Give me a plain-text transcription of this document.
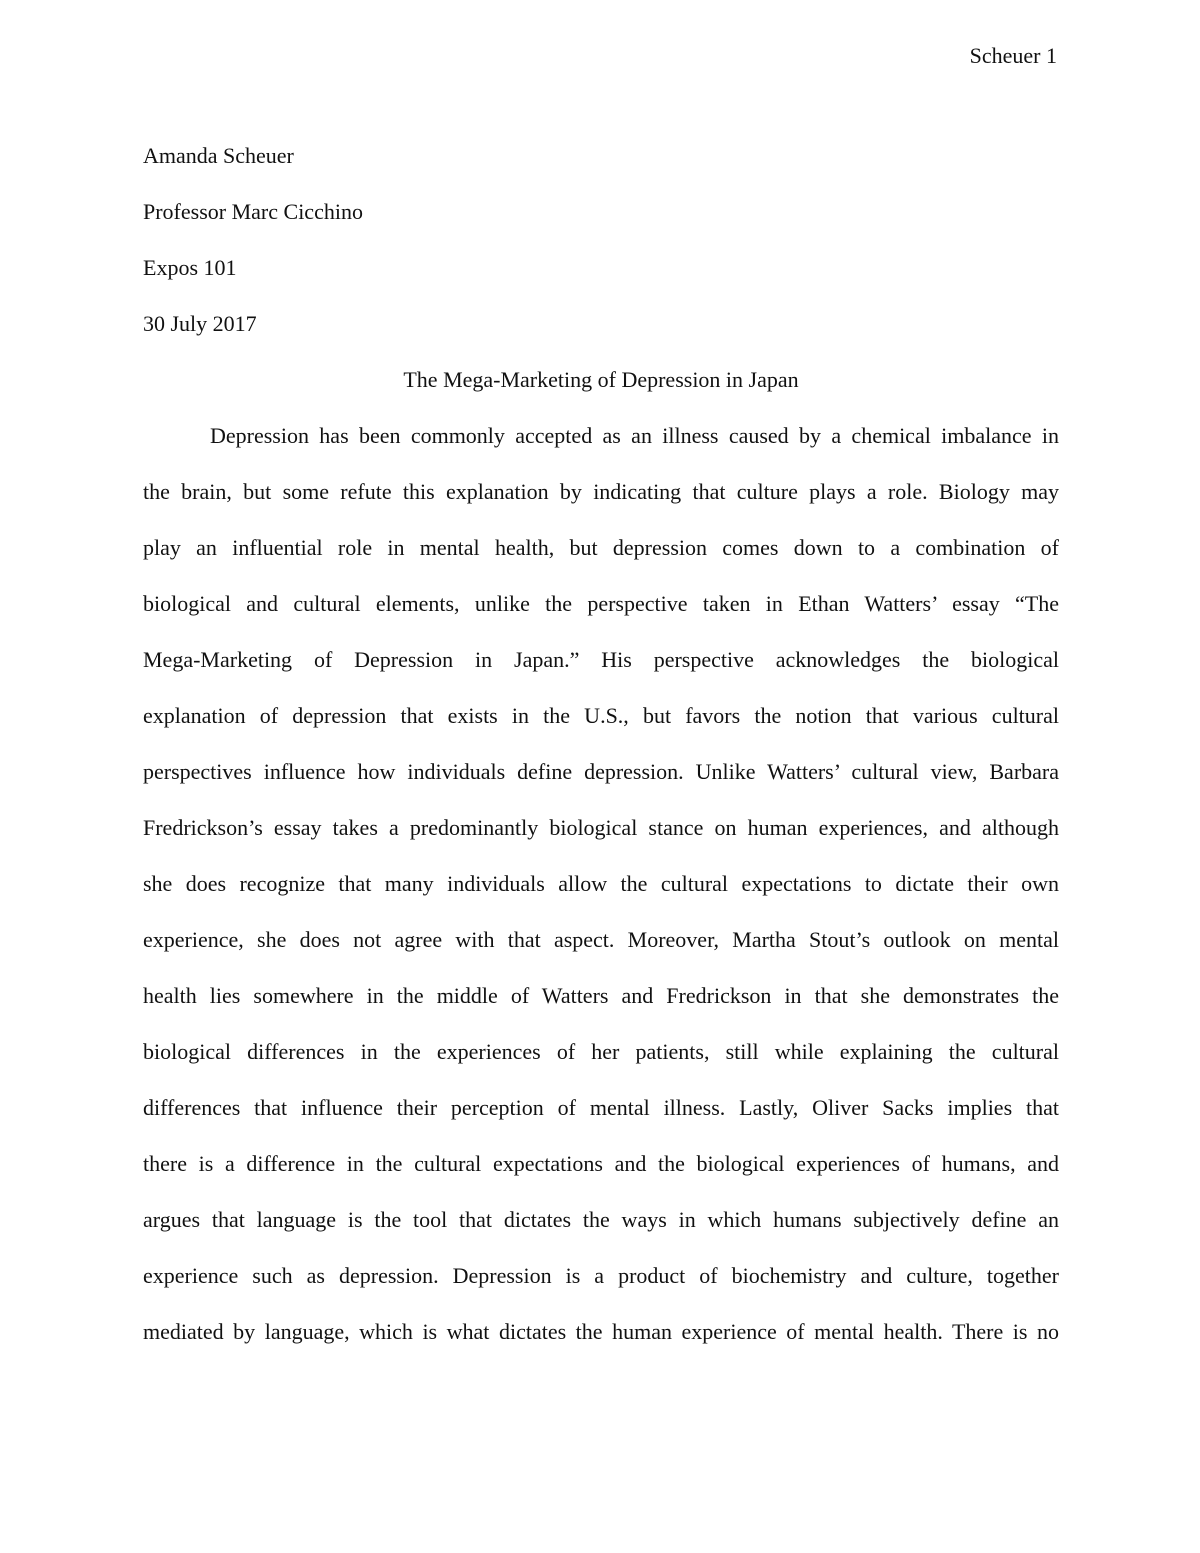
Scheuer 1
Amanda Scheuer
Professor Marc Cicchino
Expos 101
30 July 2017
The Mega-Marketing of Depression in Japan
Depression has been commonly accepted as an illness caused by a chemical imbalance in
the brain, but some refute this explanation by indicating that culture plays a role. Biology may
play an influential role in mental health, but depression comes down to a combination of
biological and cultural elements, unlike the perspective taken in Ethan Watters’ essay “The
Mega-Marketing of Depression in Japan.” His perspective acknowledges the biological
explanation of depression that exists in the U.S., but favors the notion that various cultural
perspectives influence how individuals define depression. Unlike Watters’ cultural view, Barbara
Fredrickson’s essay takes a predominantly biological stance on human experiences, and although
she does recognize that many individuals allow the cultural expectations to dictate their own
experience, she does not agree with that aspect. Moreover, Martha Stout’s outlook on mental
health lies somewhere in the middle of Watters and Fredrickson in that she demonstrates the
biological differences in the experiences of her patients, still while explaining the cultural
differences that influence their perception of mental illness. Lastly, Oliver Sacks implies that
there is a difference in the cultural expectations and the biological experiences of humans, and
argues that language is the tool that dictates the ways in which humans subjectively define an
experience such as depression. Depression is a product of biochemistry and culture, together
mediated by language, which is what dictates the human experience of mental health. There is no
